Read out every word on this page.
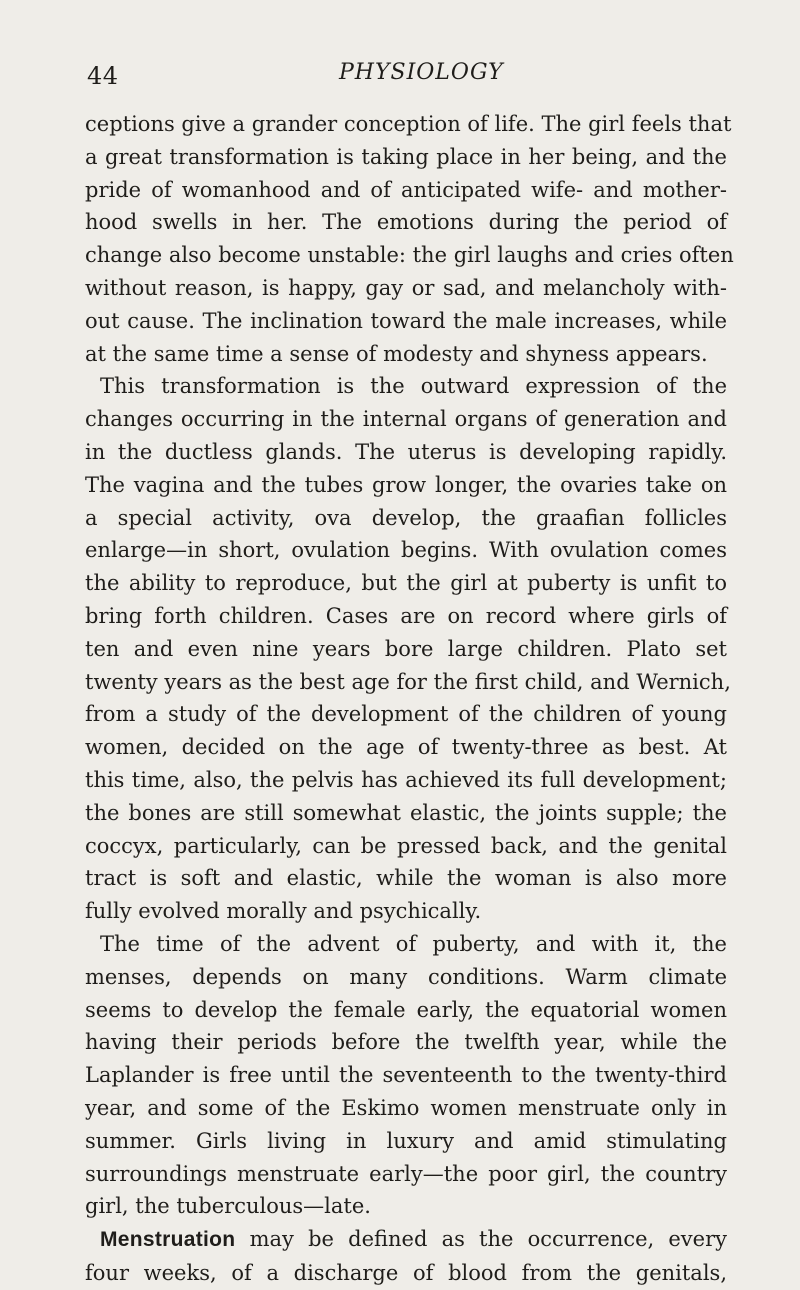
44	PHYSIOLOGY
ceptions give a grander conception of life. The girl feels that
a great transformation is taking place in her being, and the
pride of womanhood and of anticipated wife- and mother-
hood swells in her. The emotions during the period of
change also become unstable: the girl laughs and cries often
without reason, is happy, gay or sad, and melancholy with-
out cause. The inclination toward the male increases, while
at the same time a sense of modesty and shyness appears.
This transformation is the outward expression of the
changes occurring in the internal organs of generation and
in the ductless glands. The uterus is developing rapidly.
The vagina and the tubes grow longer, the ovaries take on
a special activity, ova develop, the graafian follicles
enlarge—in short, ovulation begins. With ovulation comes
the ability to reproduce, but the girl at puberty is unfit to
bring forth children. Cases are on record where girls of
ten and even nine years bore large children. Plato set
twenty years as the best age for the first child, and Wernich,
from a study of the development of the children of young
women, decided on the age of twenty-three as best. At
this time, also, the pelvis has achieved its full development;
the bones are still somewhat elastic, the joints supple; the
coccyx, particularly, can be pressed back, and the genital
tract is soft and elastic, while the woman is also more
fully evolved morally and psychically.
The time of the advent of puberty, and with it, the
menses, depends on many conditions. Warm climate
seems to develop the female early, the equatorial women
having their periods before the twelfth year, while the
Laplander is free until the seventeenth to the twenty-third
year, and some of the Eskimo women menstruate only in
summer. Girls living in luxury and amid stimulating
surroundings menstruate early—the poor girl, the country
girl, the tuberculous—late.
Menstruation may be defined as the occurrence, every
four weeks, of a discharge of blood from the genitals,
